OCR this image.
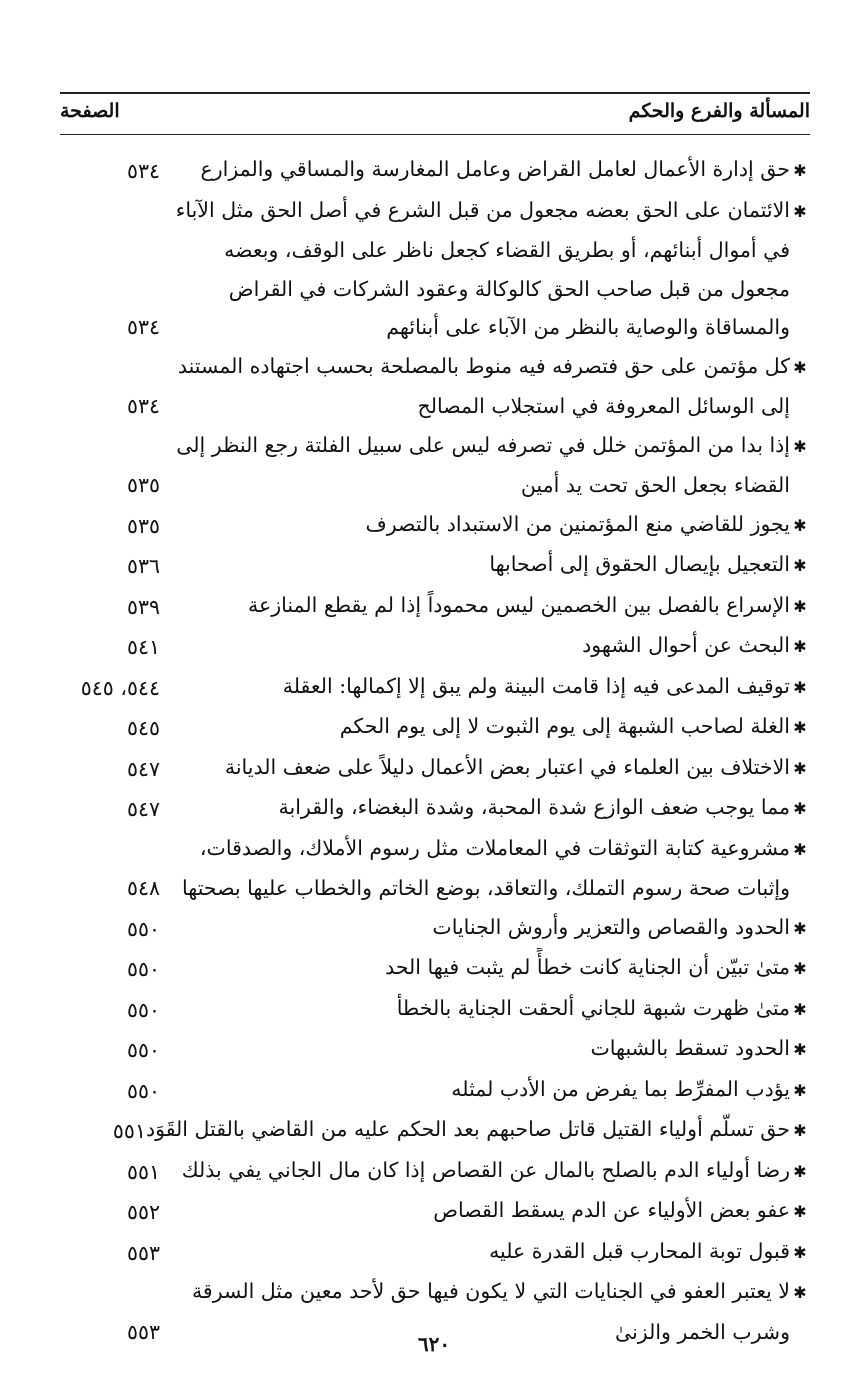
المسألة والفرع والحكم
الصفحة
✱حق إدارة الأعمال لعامل القراض وعامل المغارسة والمساقي والمزارع
٥٣٤
✱الائتمان على الحق بعضه مجعول من قبل الشرع في أصل الحق مثل الآباء
في أموال أبنائهم، أو بطريق القضاء كجعل ناظر على الوقف، وبعضه
مجعول من قبل صاحب الحق كالوكالة وعقود الشركات في القراض
والمساقاة والوصاية بالنظر من الآباء على أبنائهم
٥٣٤
✱كل مؤتمن على حق فتصرفه فيه منوط بالمصلحة بحسب اجتهاده المستند
إلى الوسائل المعروفة في استجلاب المصالح
٥٣٤
✱إذا بدا من المؤتمن خلل في تصرفه ليس على سبيل الفلتة رجع النظر إلى
القضاء بجعل الحق تحت يد أمين
٥٣٥
✱يجوز للقاضي منع المؤتمنين من الاستبداد بالتصرف
٥٣٥
✱التعجيل بإيصال الحقوق إلى أصحابها
٥٣٦
✱الإسراع بالفصل بين الخصمين ليس محموداً إذا لم يقطع المنازعة
٥٣٩
✱البحث عن أحوال الشهود
٥٤١
✱توقيف المدعى فيه إذا قامت البينة ولم يبق إلا إكمالها: العقلة
٥٤٤، ٥٤٥
✱الغلة لصاحب الشبهة إلى يوم الثبوت لا إلى يوم الحكم
٥٤٥
✱الاختلاف بين العلماء في اعتبار بعض الأعمال دليلاً على ضعف الديانة
٥٤٧
✱مما يوجب ضعف الوازع شدة المحبة، وشدة البغضاء، والقرابة
٥٤٧
✱مشروعية كتابة التوثقات في المعاملات مثل رسوم الأملاك، والصدقات،
وإثبات صحة رسوم التملك، والتعاقد، بوضع الخاتم والخطاب عليها بصحتها
٥٤٨
✱الحدود والقصاص والتعزير وأروش الجنايات
٥٥٠
✱متىٰ تبيّن أن الجناية كانت خطأً لم يثبت فيها الحد
٥٥٠
✱متىٰ ظهرت شبهة للجاني ألحقت الجناية بالخطأ
٥٥٠
✱الحدود تسقط بالشبهات
٥٥٠
✱يؤدب المفرِّط بما يفرض من الأدب لمثله
٥٥٠
✱حق تسلّم أولياء القتيل قاتل صاحبهم بعد الحكم عليه من القاضي بالقتل القَوَد
٥٥١
✱رضا أولياء الدم بالصلح بالمال عن القصاص إذا كان مال الجاني يفي بذلك
٥٥١
✱عفو بعض الأولياء عن الدم يسقط القصاص
٥٥٢
✱قبول توبة المحارب قبل القدرة عليه
٥٥٣
✱لا يعتبر العفو في الجنايات التي لا يكون فيها حق لأحد معين مثل السرقة
وشرب الخمر والزنىٰ
٥٥٣
٦٢٠
